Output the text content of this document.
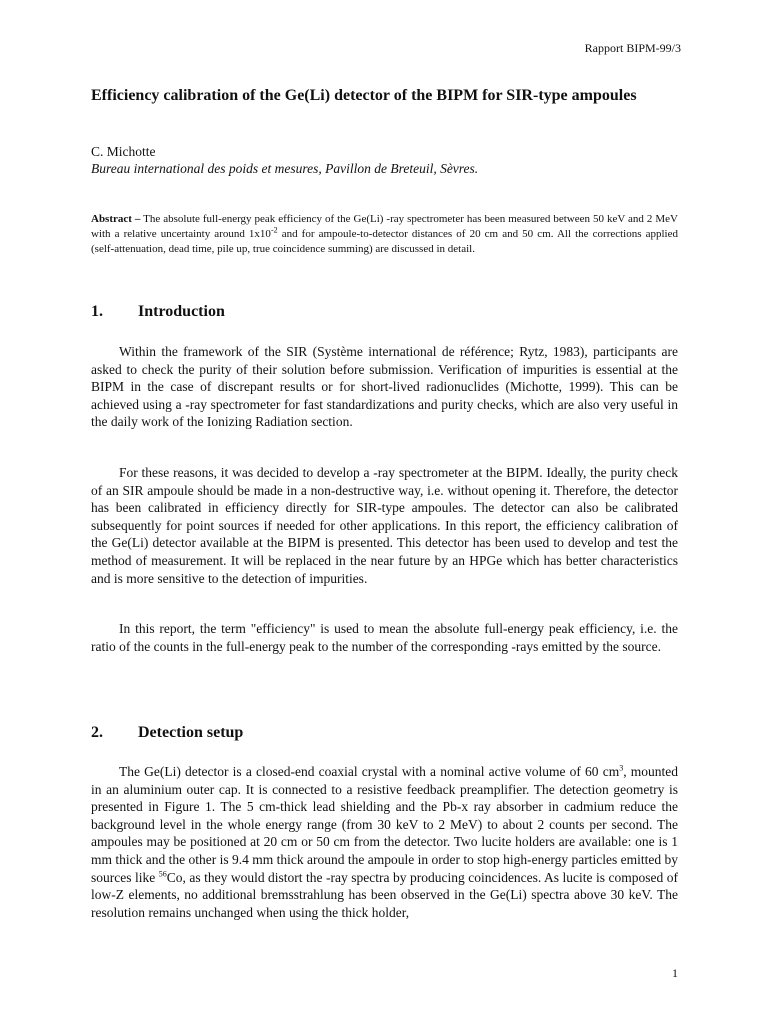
Rapport BIPM-99/3
Efficiency calibration of the Ge(Li) detector of the BIPM for SIR-type ampoules
C. Michotte
Bureau international des poids et mesures, Pavillon de Breteuil, Sèvres.

Abstract – The absolute full-energy peak efficiency of the Ge(Li) -ray spectrometer has been measured between 50 keV and 2 MeV with a relative uncertainty around $1x10^{-2}$ and for ampoule-to-detector distances of 20 cm and 50 cm. All the corrections applied (self-attenuation, dead time, pile up, true coincidence summing) are discussed in detail.

1. Introduction

Within the framework of the SIR (Système international de référence; Rytz, 1983), participants are asked to check the purity of their solution before submission. Verification of impurities is essential at the BIPM in the case of discrepant results or for short-lived radionuclides (Michotte, 1999). This can be achieved using a -ray spectrometer for fast standardizations and purity checks, which are also very useful in the daily work of the Ionizing Radiation section.

For these reasons, it was decided to develop a -ray spectrometer at the BIPM. Ideally, the purity check of an SIR ampoule should be made in a non-destructive way, i.e. without opening it. Therefore, the detector has been calibrated in efficiency directly for SIR-type ampoules. The detector can also be calibrated subsequently for point sources if needed for other applications. In this report, the efficiency calibration of the Ge(Li) detector available at the BIPM is presented. This detector has been used to develop and test the method of measurement. It will be replaced in the near future by an HPGe which has better characteristics and is more sensitive to the detection of impurities.

In this report, the term "efficiency" is used to mean the absolute full-energy peak efficiency, i.e. the ratio of the counts in the full-energy peak to the number of the corresponding -rays emitted by the source.

2. Detection setup

The Ge(Li) detector is a closed-end coaxial crystal with a nominal active volume of 60 $cm^3$, mounted in an aluminium outer cap. It is connected to a resistive feedback preamplifier. The detection geometry is presented in Figure 1. The 5 cm-thick lead shielding and the Pb-x ray absorber in cadmium reduce the background level in the whole energy range (from 30 keV to 2 MeV) to about 2 counts per second. The ampoules may be positioned at 20 cm or 50 cm from the detector. Two lucite holders are available: one is 1 mm thick and the other is 9.4 mm thick around the ampoule in order to stop high-energy particles emitted by sources like $^{56}$Co, as they would distort the -ray spectra by producing coincidences. As lucite is composed of low-Z elements, no additional bremsstrahlung has been observed in the Ge(Li) spectra above 30 keV. The resolution remains unchanged when using the thick holder,

1
